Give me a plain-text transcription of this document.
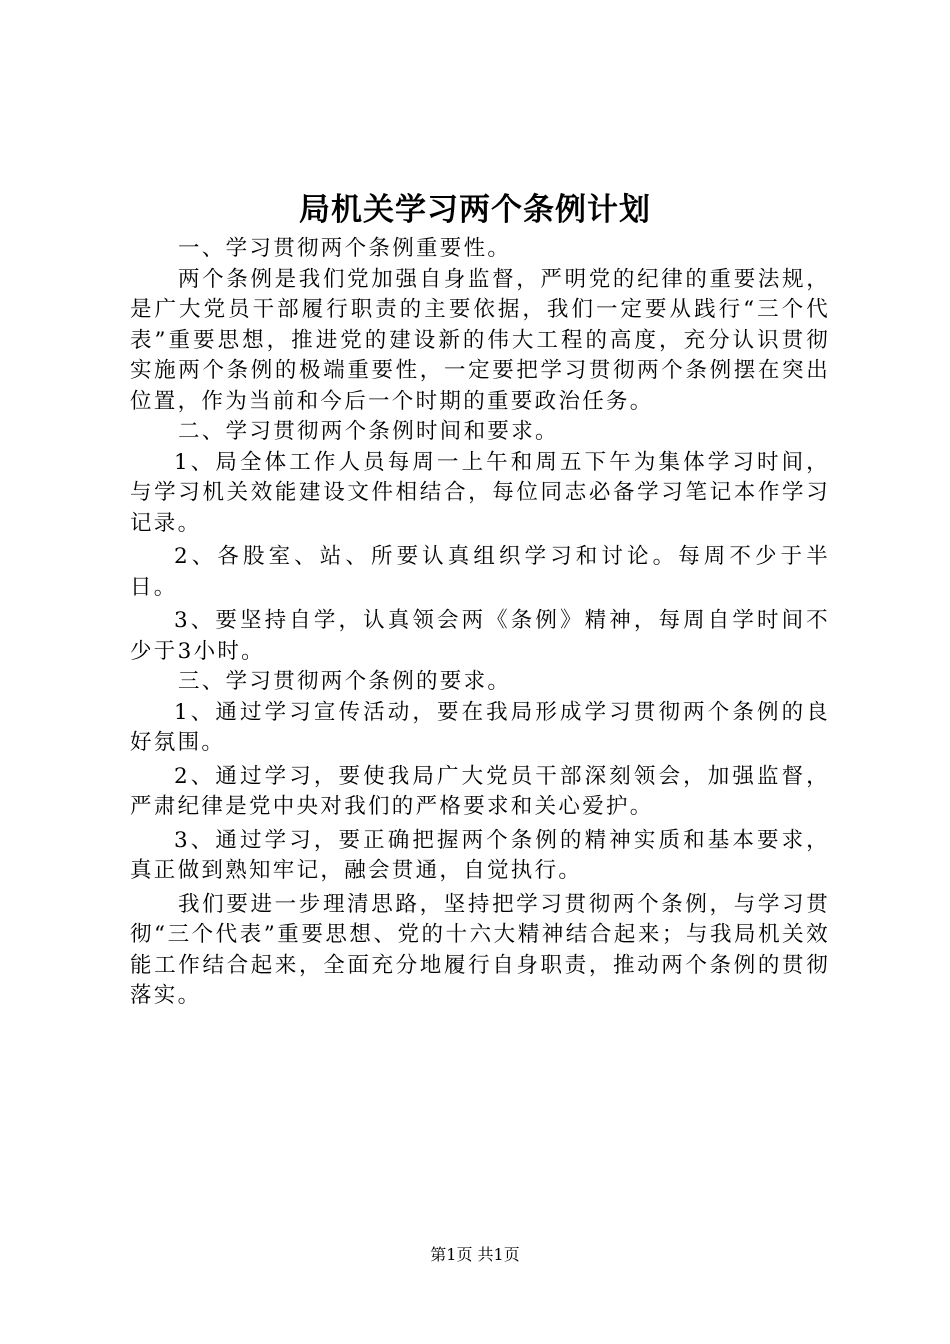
局机关学习两个条例计划

一、学习贯彻两个条例重要性。

两个条例是我们党加强自身监督，严明党的纪律的重要法规，是广大党员干部履行职责的主要依据，我们一定要从践行“三个代表”重要思想，推进党的建设新的伟大工程的高度，充分认识贯彻实施两个条例的极端重要性，一定要把学习贯彻两个条例摆在突出位置，作为当前和今后一个时期的重要政治任务。

二、学习贯彻两个条例时间和要求。

1、局全体工作人员每周一上午和周五下午为集体学习时间，与学习机关效能建设文件相结合，每位同志必备学习笔记本作学习记录。

2、各股室、站、所要认真组织学习和讨论。每周不少于半日。

3、要坚持自学，认真领会两《条例》精神，每周自学时间不少于3小时。

三、学习贯彻两个条例的要求。

1、通过学习宣传活动，要在我局形成学习贯彻两个条例的良好氛围。

2、通过学习，要使我局广大党员干部深刻领会，加强监督，严肃纪律是党中央对我们的严格要求和关心爱护。

3、通过学习，要正确把握两个条例的精神实质和基本要求，真正做到熟知牢记，融会贯通，自觉执行。

我们要进一步理清思路，坚持把学习贯彻两个条例，与学习贯彻“三个代表”重要思想、党的十六大精神结合起来；与我局机关效能工作结合起来，全面充分地履行自身职责，推动两个条例的贯彻落实。

第1页 共1页
